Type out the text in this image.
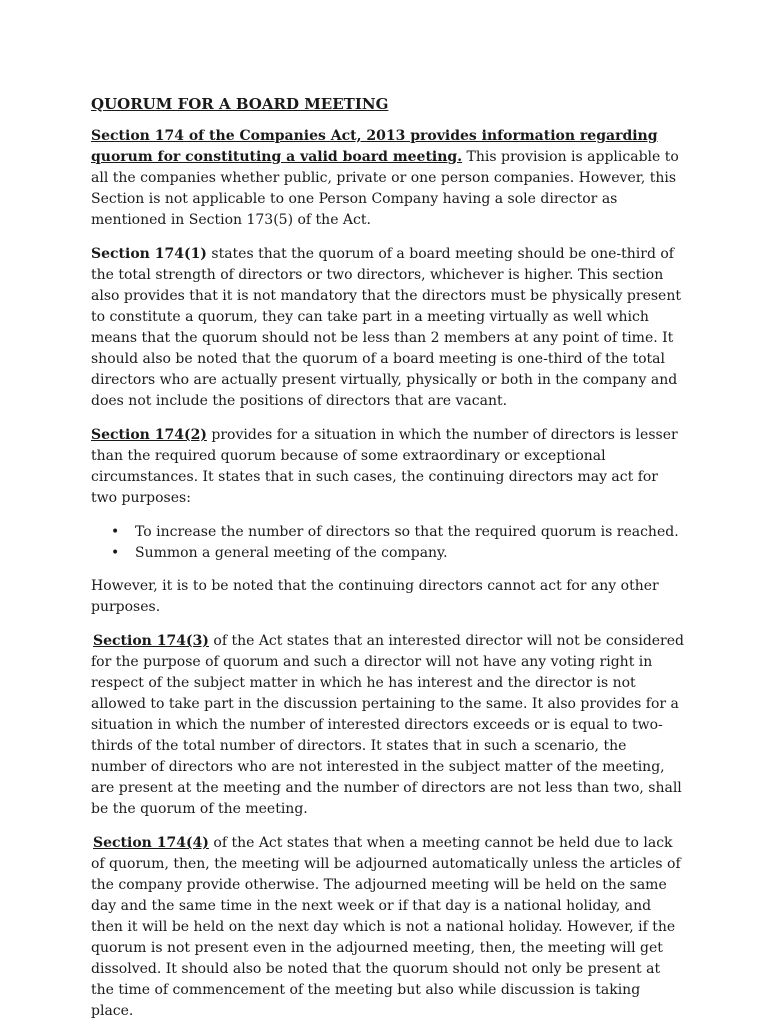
QUORUM FOR A BOARD MEETING

Section 174 of the Companies Act, 2013 provides information regarding quorum for constituting a valid board meeting. This provision is applicable to all the companies whether public, private or one person companies. However, this Section is not applicable to one Person Company having a sole director as mentioned in Section 173(5) of the Act.

Section 174(1) states that the quorum of a board meeting should be one-third of the total strength of directors or two directors, whichever is higher. This section also provides that it is not mandatory that the directors must be physically present to constitute a quorum, they can take part in a meeting virtually as well which means that the quorum should not be less than 2 members at any point of time. It should also be noted that the quorum of a board meeting is one-third of the total directors who are actually present virtually, physically or both in the company and does not include the positions of directors that are vacant.

Section 174(2) provides for a situation in which the number of directors is lesser than the required quorum because of some extraordinary or exceptional circumstances. It states that in such cases, the continuing directors may act for two purposes:

• To increase the number of directors so that the required quorum is reached.
• Summon a general meeting of the company.

However, it is to be noted that the continuing directors cannot act for any other purposes.

Section 174(3) of the Act states that an interested director will not be considered for the purpose of quorum and such a director will not have any voting right in respect of the subject matter in which he has interest and the director is not allowed to take part in the discussion pertaining to the same. It also provides for a situation in which the number of interested directors exceeds or is equal to two-thirds of the total number of directors. It states that in such a scenario, the number of directors who are not interested in the subject matter of the meeting, are present at the meeting and the number of directors are not less than two, shall be the quorum of the meeting.

Section 174(4) of the Act states that when a meeting cannot be held due to lack of quorum, then, the meeting will be adjourned automatically unless the articles of the company provide otherwise. The adjourned meeting will be held on the same day and the same time in the next week or if that day is a national holiday, and then it will be held on the next day which is not a national holiday. However, if the quorum is not present even in the adjourned meeting, then, the meeting will get dissolved. It should also be noted that the quorum should not only be present at the time of commencement of the meeting but also while discussion is taking place.
